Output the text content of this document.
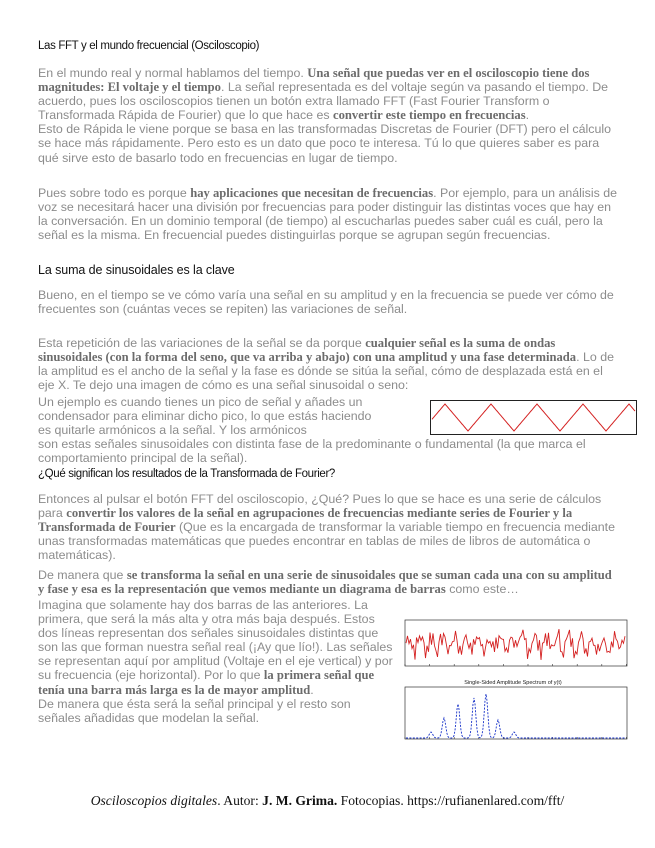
Las FFT y el mundo frecuencial (Osciloscopio)
En el mundo real y normal hablamos del tiempo. Una señal que puedas ver en el osciloscopio tiene dos magnitudes: El voltaje y el tiempo. La señal representada es del voltaje según va pasando el tiempo. De acuerdo, pues los osciloscopios tienen un botón extra llamado FFT (Fast Fourier Transform o Transformada Rápida de Fourier) que lo que hace es convertir este tiempo en frecuencias.
Esto de Rápida le viene porque se basa en las transformadas Discretas de Fourier (DFT) pero el cálculo se hace más rápidamente. Pero esto es un dato que poco te interesa. Tú lo que quieres saber es para qué sirve esto de basarlo todo en frecuencias en lugar de tiempo.
Pues sobre todo es porque hay aplicaciones que necesitan de frecuencias. Por ejemplo, para un análisis de voz se necesitará hacer una división por frecuencias para poder distinguir las distintas voces que hay en la conversación. En un dominio temporal (de tiempo) al escucharlas puedes saber cuál es cuál, pero la señal es la misma. En frecuencial puedes distinguirlas porque se agrupan según frecuencias.
La suma de sinusoidales es la clave
Bueno, en el tiempo se ve cómo varía una señal en su amplitud y en la frecuencia se puede ver cómo de frecuentes son (cuántas veces se repiten) las variaciones de señal.
Esta repetición de las variaciones de la señal se da porque cualquier señal es la suma de ondas sinusoidales (con la forma del seno, que va arriba y abajo) con una amplitud y una fase determinada. Lo de la amplitud es el ancho de la señal y la fase es dónde se sitúa la señal, cómo de desplazada está en el eje X. Te dejo una imagen de cómo es una señal sinusoidal o seno:
Un ejemplo es cuando tienes un pico de señal y añades un condensador para eliminar dicho pico, lo que estás haciendo es quitarle armónicos a la señal. Y los armónicos
son estas señales sinusoidales con distinta fase de la predominante o fundamental (la que marca el comportamiento principal de la señal).
¿Qué significan los resultados de la Transformada de Fourier?
Entonces al pulsar el botón FFT del osciloscopio, ¿Qué? Pues lo que se hace es una serie de cálculos para convertir los valores de la señal en agrupaciones de frecuencias mediante series de Fourier y la Transformada de Fourier (Que es la encargada de transformar la variable tiempo en frecuencia mediante unas transformadas matemáticas que puedes encontrar en tablas de miles de libros de automática o matemáticas).
De manera que se transforma la señal en una serie de sinusoidales que se suman cada una con su amplitud y fase y esa es la representación que vemos mediante un diagrama de barras como este…
Imagina que solamente hay dos barras de las anteriores. La primera, que será la más alta y otra más baja después. Estos dos líneas representan dos señales sinusoidales distintas que son las que forman nuestra señal real (¡Ay que lío!). Las señales se representan aquí por amplitud (Voltaje en el eje vertical) y por su frecuencia (eje horizontal). Por lo que la primera señal que tenía una barra más larga es la de mayor amplitud.
De manera que ésta será la señal principal y el resto son señales añadidas que modelan la señal.
Single-Sided Amplitude Spectrum of y(t)
Osciloscopios digitales. Autor: J. M. Grima. Fotocopias. https://rufianenlared.com/fft/
